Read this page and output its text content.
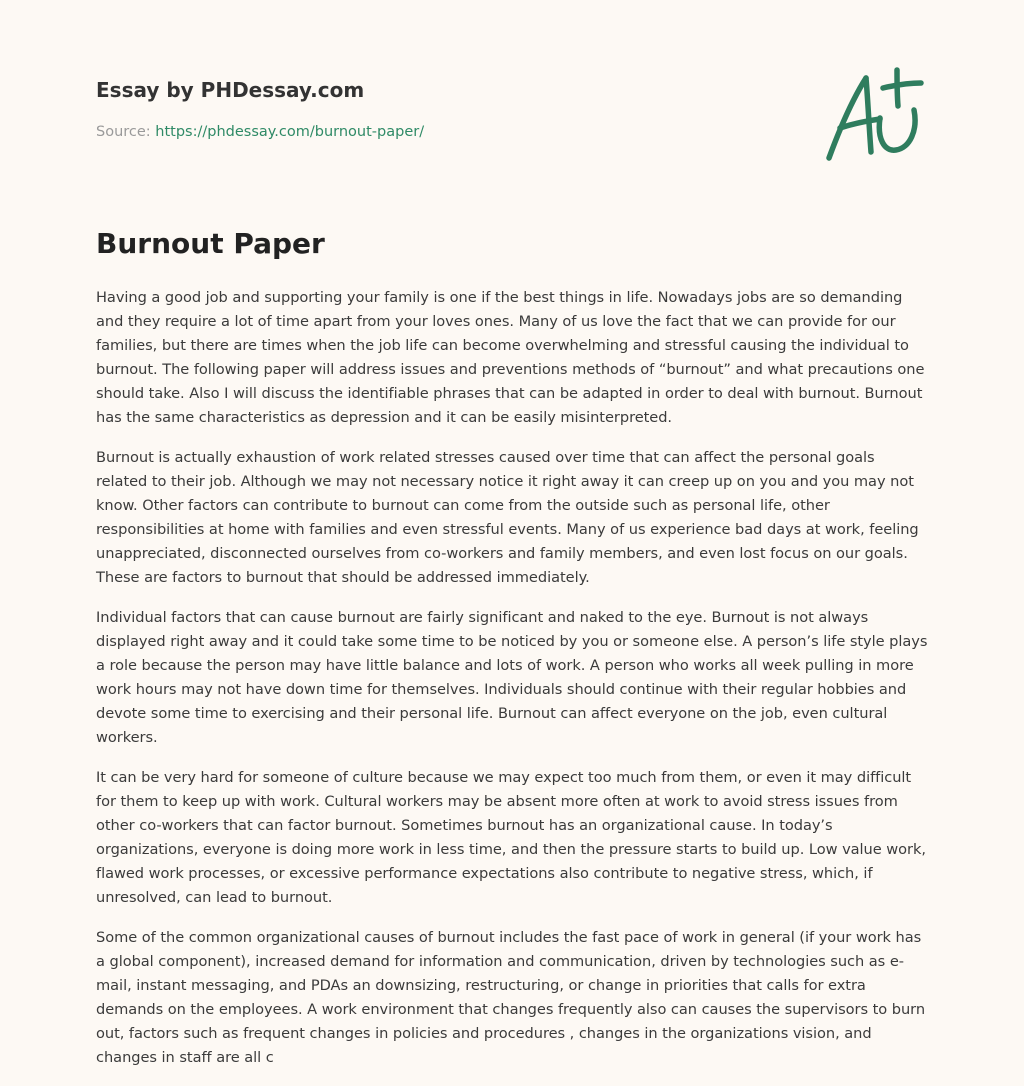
Essay by PHDessay.com
Source: https://phdessay.com/burnout-paper/
Burnout Paper

Having a good job and supporting your family is one if the best things in life. Nowadays jobs are so demanding and they require a lot of time apart from your loves ones. Many of us love the fact that we can provide for our families, but there are times when the job life can become overwhelming and stressful causing the individual to burnout. The following paper will address issues and preventions methods of “burnout” and what precautions one should take. Also I will discuss the identifiable phrases that can be adapted in order to deal with burnout. Burnout has the same characteristics as depression and it can be easily misinterpreted.

Burnout is actually exhaustion of work related stresses caused over time that can affect the personal goals related to their job. Although we may not necessary notice it right away it can creep up on you and you may not know. Other factors can contribute to burnout can come from the outside such as personal life, other responsibilities at home with families and even stressful events. Many of us experience bad days at work, feeling unappreciated, disconnected ourselves from co-workers and family members, and even lost focus on our goals. These are factors to burnout that should be addressed immediately.

Individual factors that can cause burnout are fairly significant and naked to the eye. Burnout is not always displayed right away and it could take some time to be noticed by you or someone else. A person’s life style plays a role because the person may have little balance and lots of work. A person who works all week pulling in more work hours may not have down time for themselves. Individuals should continue with their regular hobbies and devote some time to exercising and their personal life. Burnout can affect everyone on the job, even cultural workers.

It can be very hard for someone of culture because we may expect too much from them, or even it may difficult for them to keep up with work. Cultural workers may be absent more often at work to avoid stress issues from other co-workers that can factor burnout. Sometimes burnout has an organizational cause. In today’s organizations, everyone is doing more work in less time, and then the pressure starts to build up. Low value work, flawed work processes, or excessive performance expectations also contribute to negative stress, which, if unresolved, can lead to burnout.

Some of the common organizational causes of burnout includes the fast pace of work in general (if your work has a global component), increased demand for information and communication, driven by technologies such as e-mail, instant messaging, and PDAs an downsizing, restructuring, or change in priorities that calls for extra demands on the employees. A work environment that changes frequently also can causes the supervisors to burn out, factors such as frequent changes in policies and procedures , changes in the organizations vision, and changes in staff are all c
